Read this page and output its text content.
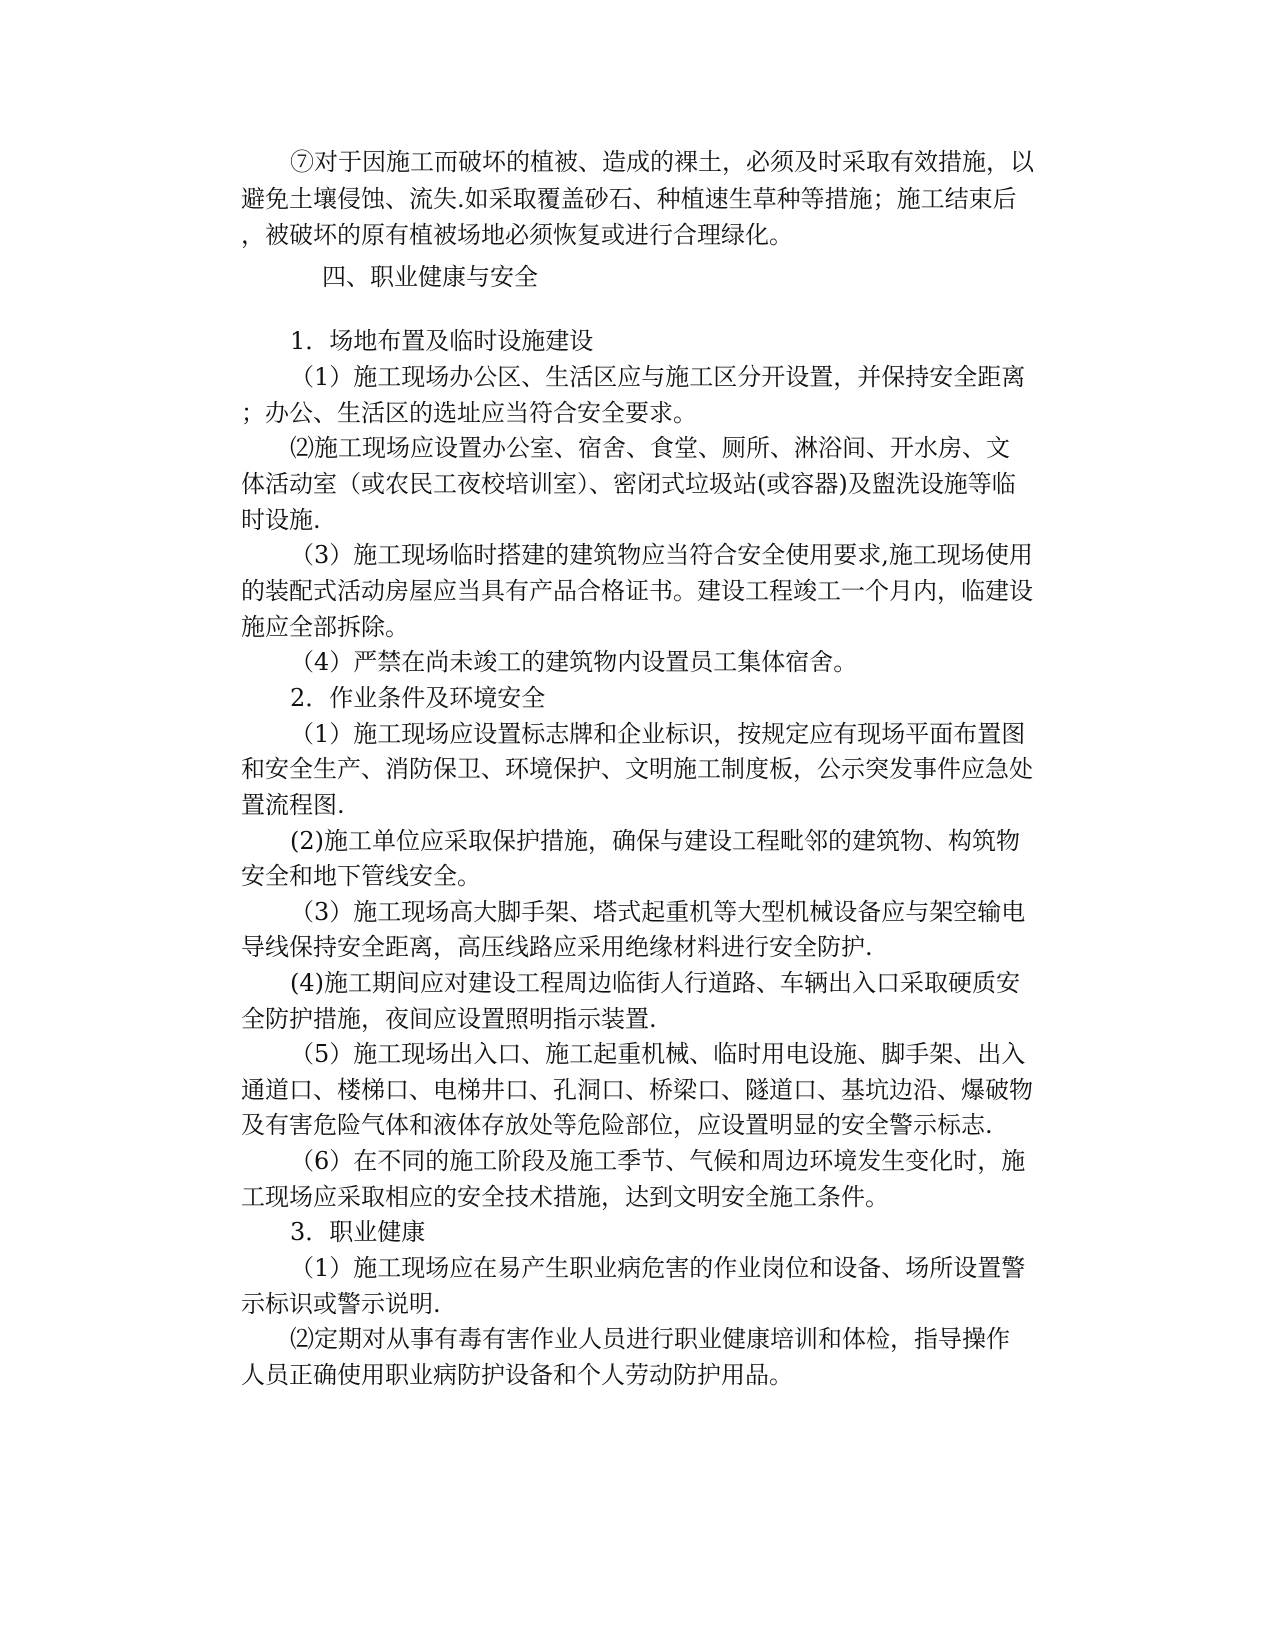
⑦对于因施工而破坏的植被、造成的裸土，必须及时采取有效措施，以
避免土壤侵蚀、流失.如采取覆盖砂石、种植速生草种等措施；施工结束后
，被破坏的原有植被场地必须恢复或进行合理绿化。
四、职业健康与安全
1．场地布置及临时设施建设
（1）施工现场办公区、生活区应与施工区分开设置，并保持安全距离
；办公、生活区的选址应当符合安全要求。
⑵施工现场应设置办公室、宿舍、食堂、厕所、淋浴间、开水房、文
体活动室（或农民工夜校培训室）、密闭式垃圾站(或容器)及盥洗设施等临
时设施.
（3）施工现场临时搭建的建筑物应当符合安全使用要求,施工现场使用
的装配式活动房屋应当具有产品合格证书。建设工程竣工一个月内，临建设
施应全部拆除。
（4）严禁在尚未竣工的建筑物内设置员工集体宿舍。
2．作业条件及环境安全
（1）施工现场应设置标志牌和企业标识，按规定应有现场平面布置图
和安全生产、消防保卫、环境保护、文明施工制度板，公示突发事件应急处
置流程图.
(2)施工单位应采取保护措施，确保与建设工程毗邻的建筑物、构筑物
安全和地下管线安全。
（3）施工现场高大脚手架、塔式起重机等大型机械设备应与架空输电
导线保持安全距离，高压线路应采用绝缘材料进行安全防护.
(4)施工期间应对建设工程周边临街人行道路、车辆出入口采取硬质安
全防护措施，夜间应设置照明指示装置.
（5）施工现场出入口、施工起重机械、临时用电设施、脚手架、出入
通道口、楼梯口、电梯井口、孔洞口、桥梁口、隧道口、基坑边沿、爆破物
及有害危险气体和液体存放处等危险部位，应设置明显的安全警示标志.
（6）在不同的施工阶段及施工季节、气候和周边环境发生变化时，施
工现场应采取相应的安全技术措施，达到文明安全施工条件。
3．职业健康
（1）施工现场应在易产生职业病危害的作业岗位和设备、场所设置警
示标识或警示说明.
⑵定期对从事有毒有害作业人员进行职业健康培训和体检，指导操作
人员正确使用职业病防护设备和个人劳动防护用品。
